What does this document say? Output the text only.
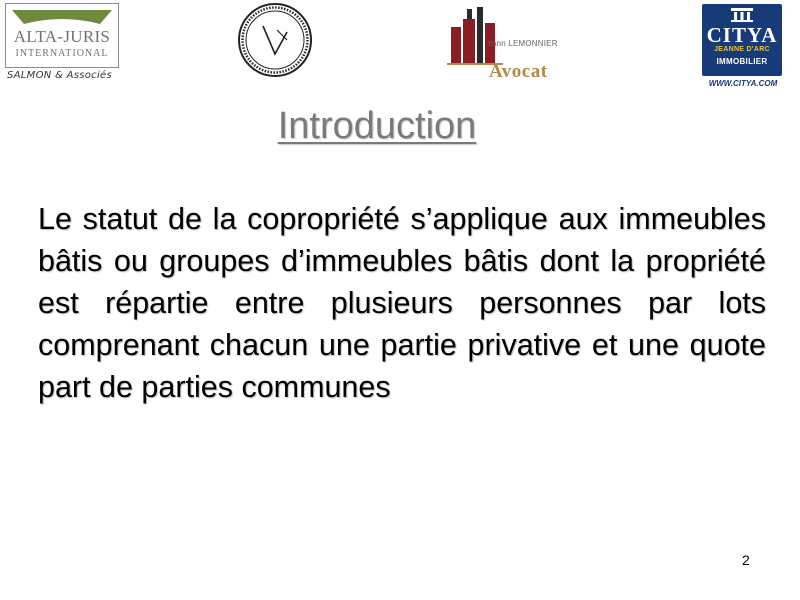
ALTA-JURIS
INTERNATIONAL
SALMON & Associés
Yann LEMONNIER
Avocat
CITYA
JEANNE D'ARC
IMMOBILIER
WWW.CITYA.COM
Introduction
Le statut de la copropriété s’applique aux immeubles bâtis ou groupes d’immeubles bâtis dont la propriété est répartie entre plusieurs personnes par lots comprenant chacun une partie privative et une quote part de parties communes
2
